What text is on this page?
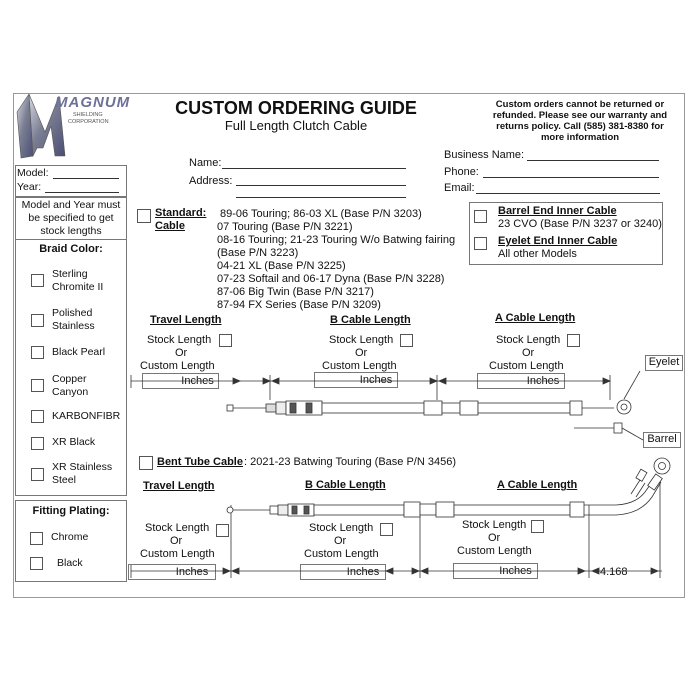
MAGNUM
SHIELDING
CORPORATION
CUSTOM ORDERING GUIDE
Full Length Clutch Cable
Custom orders cannot be returned or refunded. Please see our warranty and returns policy. Call (585) 381-8380 for more information
Name:
Address:
Business Name:
Phone:
Email:
Model:
Year:
Model and Year must be specified to get stock lengths
Braid Color:
Sterling Chromite II
Polished Stainless
Black Pearl
Copper Canyon
KARBONFIBR
XR Black
XR Stainless Steel
Fitting Plating:
Chrome
Black
Standard:
Cable
89-06 Touring; 86-03 XL (Base P/N 3203)
07 Touring (Base P/N 3221)
08-16 Touring; 21-23 Touring W/o Batwing fairing
(Base P/N 3223)
04-21 XL (Base P/N 3225)
07-23 Softail and 06-17 Dyna (Base P/N 3228)
87-06 Big Twin (Base P/N 3217)
87-94 FX Series (Base P/N 3209)
Barrel End Inner Cable
23 CVO (Base P/N 3237 or 3240)
Eyelet End Inner Cable
All other Models
Travel Length	B Cable Length	A Cable Length
Stock Length
Or
Custom Length
Inches
Stock Length
Or
Custom Length
Inches
Stock Length
Or
Custom Length
Inches
Eyelet
Barrel
Bent Tube Cable : 2021-23 Batwing Touring (Base P/N 3456)
Travel Length	B Cable Length	A Cable Length
Stock Length
Or
Custom Length
Inches
Stock Length
Or
Custom Length
Inches
Stock Length
Or
Custom Length
Inches	4.168
